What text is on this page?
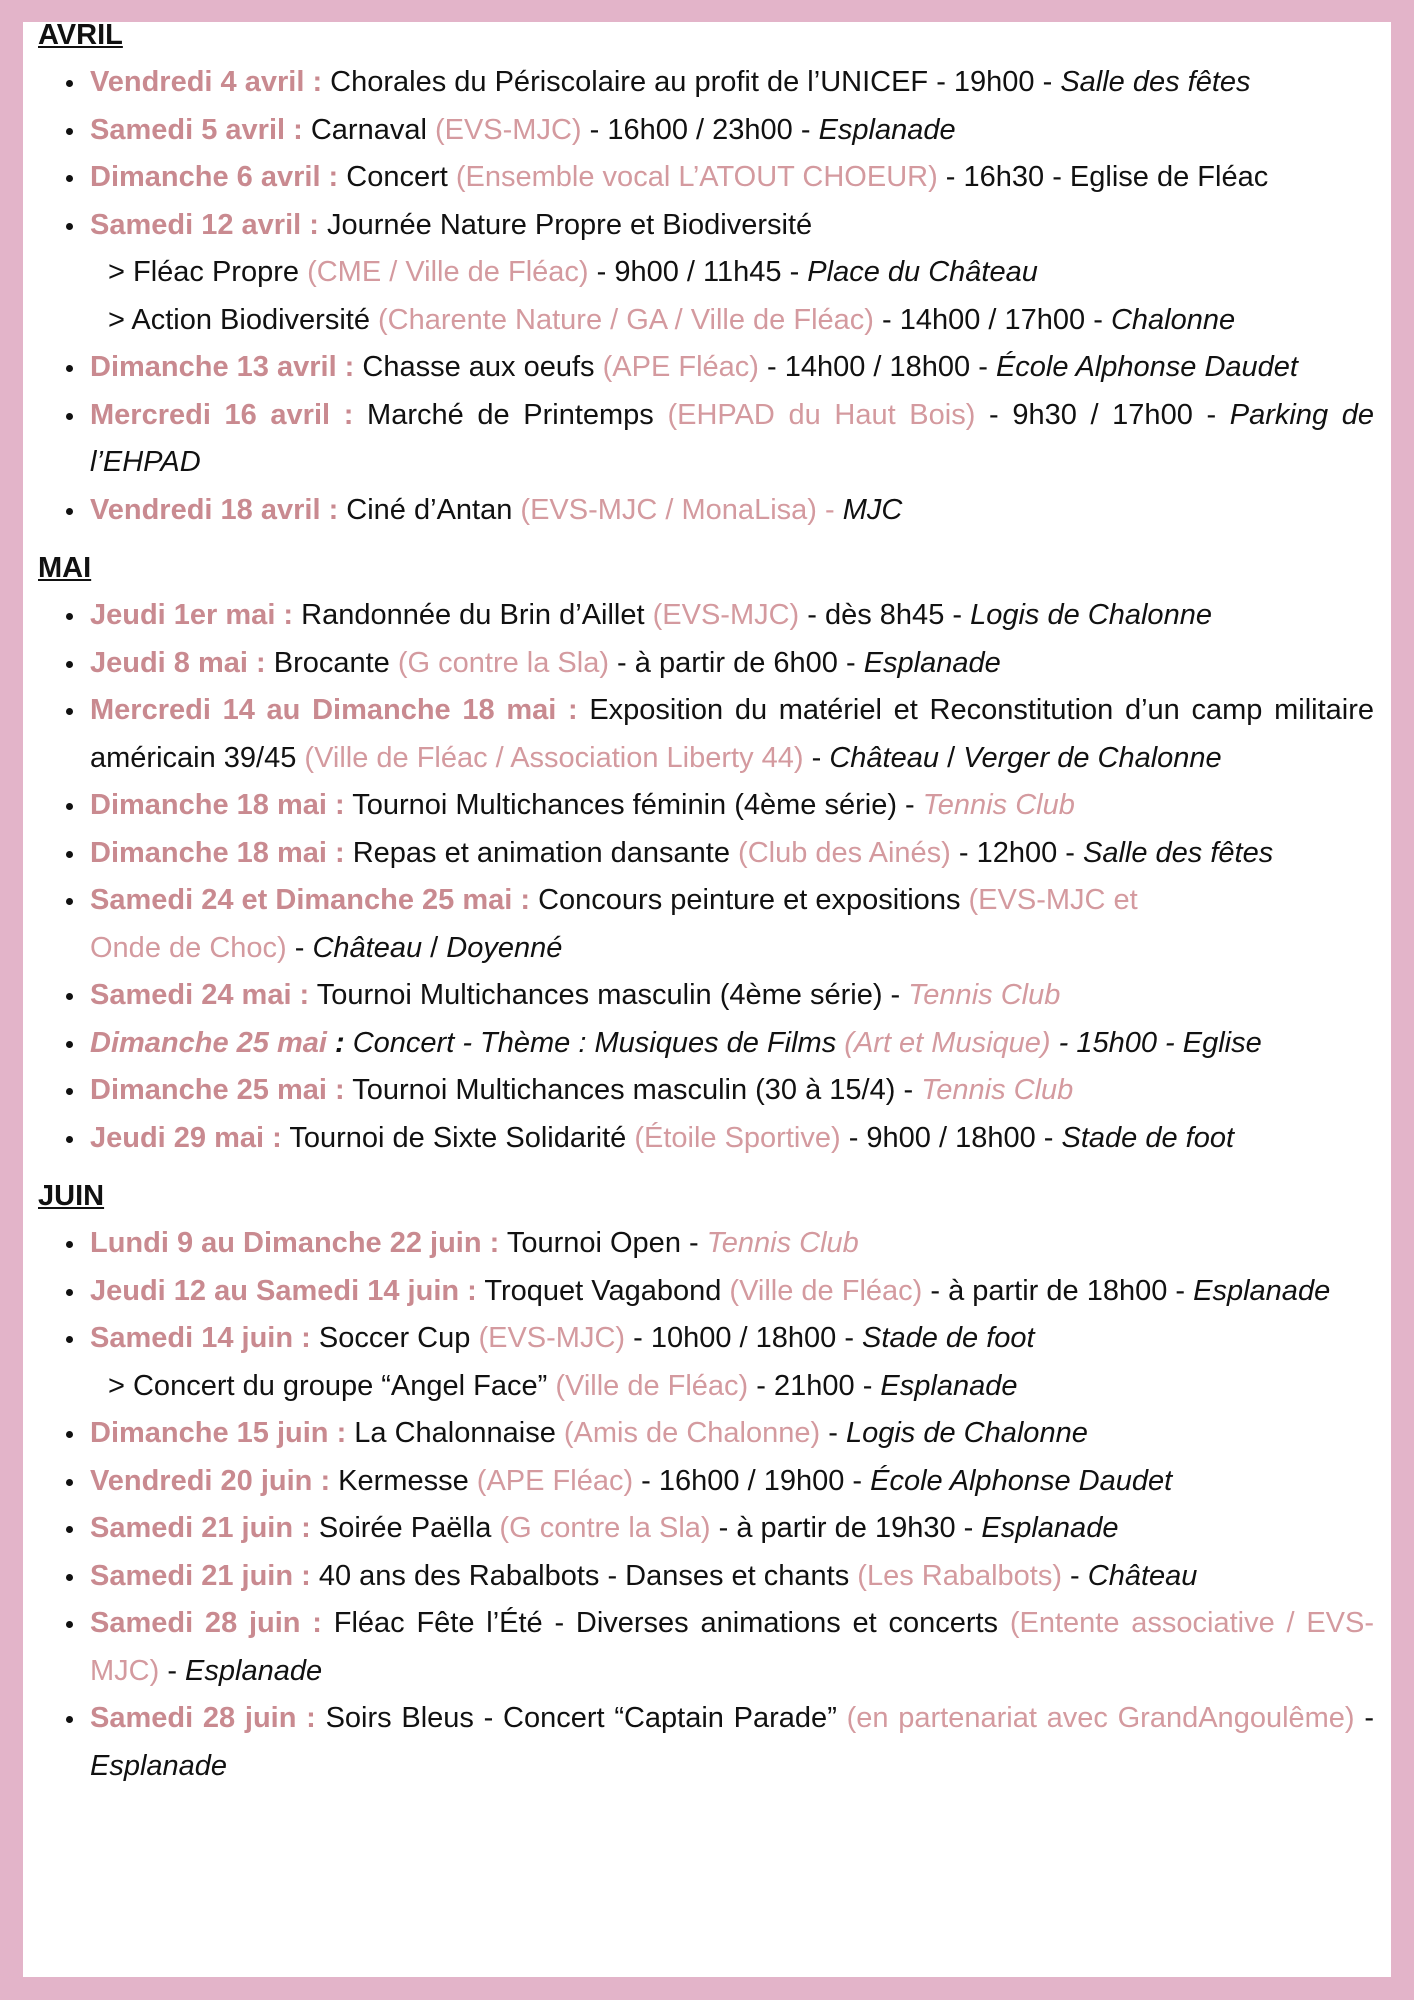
AVRIL
Vendredi 4 avril : Chorales du Périscolaire au profit de l’UNICEF - 19h00 - Salle des fêtes
Samedi 5 avril : Carnaval (EVS-MJC) - 16h00 / 23h00 - Esplanade
Dimanche 6 avril : Concert (Ensemble vocal L’ATOUT CHOEUR) - 16h30 - Eglise de Fléac
Samedi 12 avril : Journée Nature Propre et Biodiversité
> Fléac Propre (CME / Ville de Fléac) - 9h00 / 11h45 - Place du Château
> Action Biodiversité (Charente Nature / GA / Ville de Fléac) - 14h00 / 17h00 - Chalonne
Dimanche 13 avril : Chasse aux oeufs (APE Fléac) - 14h00 / 18h00 - École Alphonse Daudet
Mercredi 16 avril : Marché de Printemps (EHPAD du Haut Bois) - 9h30 / 17h00 - Parking de l’EHPAD
Vendredi 18 avril : Ciné d’Antan (EVS-MJC / MonaLisa) - MJC
MAI
Jeudi 1er mai : Randonnée du Brin d’Aillet (EVS-MJC) - dès 8h45 - Logis de Chalonne
Jeudi 8 mai : Brocante (G contre la Sla) - à partir de 6h00 - Esplanade
Mercredi 14 au Dimanche 18 mai : Exposition du matériel et Reconstitution d’un camp militaire américain 39/45 (Ville de Fléac / Association Liberty 44) - Château / Verger de Chalonne
Dimanche 18 mai : Tournoi Multichances féminin (4ème série) - Tennis Club
Dimanche 18 mai : Repas et animation dansante (Club des Ainés) - 12h00 - Salle des fêtes
Samedi 24 et Dimanche 25 mai : Concours peinture et expositions (EVS-MJC et
Onde de Choc) - Château / Doyenné
Samedi 24 mai : Tournoi Multichances masculin (4ème série) - Tennis Club
Dimanche 25 mai : Concert - Thème : Musiques de Films (Art et Musique) - 15h00 - Eglise
Dimanche 25 mai : Tournoi Multichances masculin (30 à 15/4) - Tennis Club
Jeudi 29 mai : Tournoi de Sixte Solidarité (Étoile Sportive) - 9h00 / 18h00 - Stade de foot
JUIN
Lundi 9 au Dimanche 22 juin : Tournoi Open - Tennis Club
Jeudi 12 au Samedi 14 juin : Troquet Vagabond (Ville de Fléac) - à partir de 18h00 - Esplanade
Samedi 14 juin : Soccer Cup (EVS-MJC) - 10h00 / 18h00 - Stade de foot
> Concert du groupe “Angel Face” (Ville de Fléac) - 21h00 - Esplanade
Dimanche 15 juin : La Chalonnaise (Amis de Chalonne) - Logis de Chalonne
Vendredi 20 juin : Kermesse (APE Fléac) - 16h00 / 19h00 - École Alphonse Daudet
Samedi 21 juin : Soirée Paëlla (G contre la Sla) - à partir de 19h30 - Esplanade
Samedi 21 juin : 40 ans des Rabalbots - Danses et chants (Les Rabalbots) - Château
Samedi 28 juin : Fléac Fête l’Été - Diverses animations et concerts (Entente associative / EVS-MJC) - Esplanade
Samedi 28 juin : Soirs Bleus - Concert “Captain Parade” (en partenariat avec GrandAngoulême) - Esplanade
